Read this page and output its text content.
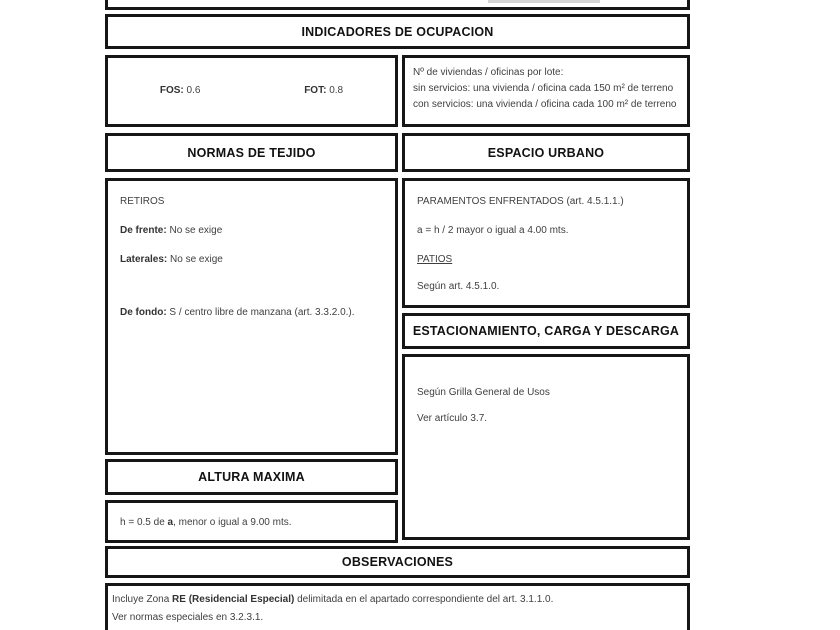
INDICADORES DE OCUPACION

FOS: 0.6	FOT: 0.8

Nº de viviendas / oficinas por lote:

sin servicios: una vivienda / oficina cada 150 m² de terreno

con servicios: una vivienda / oficina cada 100 m² de terreno

NORMAS DE TEJIDO	ESPACIO URBANO

RETIROS

De frente: No se exige

Laterales: No se exige

De fondo: S / centro libre de manzana (art. 3.3.2.0.).

PARAMENTOS ENFRENTADOS (art. 4.5.1.1.)

a = h / 2 mayor o igual a 4.00 mts.

PATIOS

Según art. 4.5.1.0.

ESTACIONAMIENTO, CARGA Y DESCARGA

Según Grilla General de Usos

Ver artículo 3.7.

ALTURA MAXIMA

h = 0.5 de a, menor o igual a 9.00 mts.

OBSERVACIONES

Incluye Zona RE (Residencial Especial) delimitada en el apartado correspondiente del art. 3.1.1.0.

Ver normas especiales en 3.2.3.1.
